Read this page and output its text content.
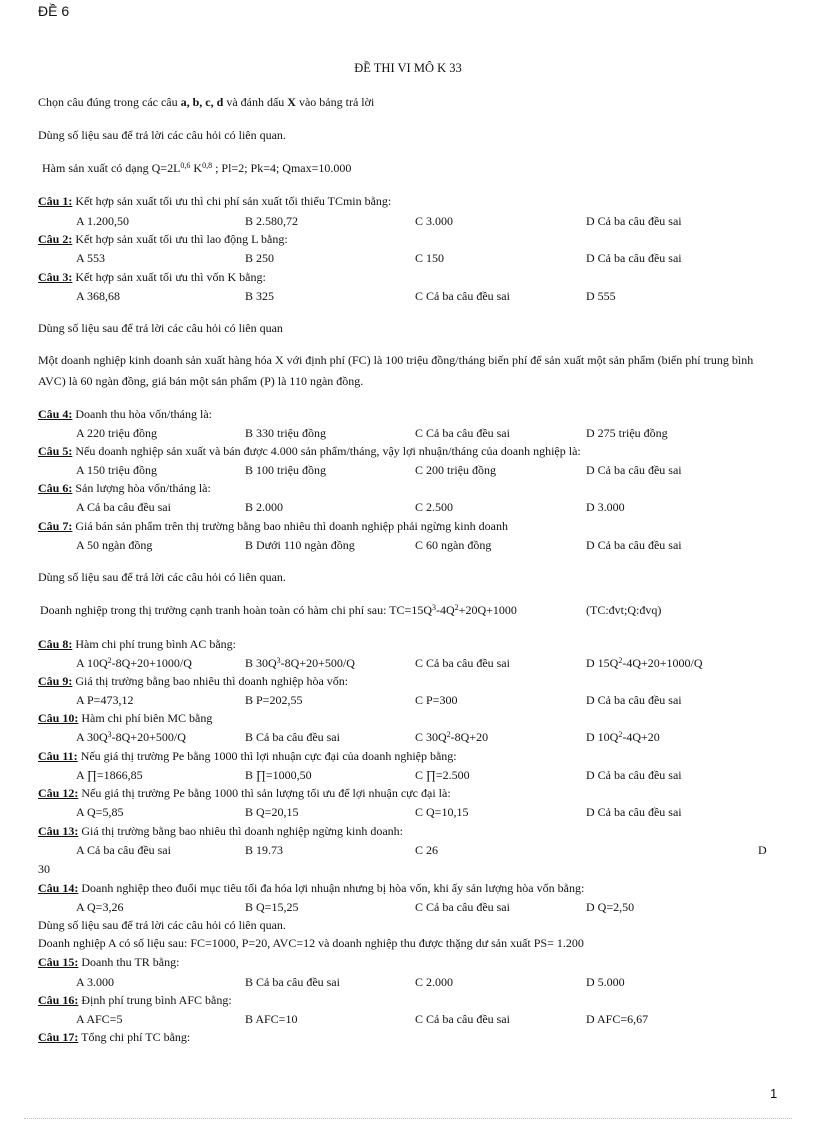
ĐỀ 6
ĐỀ THI VI MÔ K 33
Chọn câu đúng trong các câu a, b, c, d và đánh dấu X vào bảng trả lời
Dùng số liệu sau để trả lời các câu hỏi có liên quan.
Hàm sản xuất có dạng $Q=2L^{0,6}$ K$^{0,8}$ ; Pl=2; Pk=4; Qmax=10.000
Câu 1: Kết hợp sản xuất tối ưu thì chi phí sản xuất tối thiểu TCmin bằng:
A 1.200,50	B 2.580,72	C 3.000	D Cả ba câu đều sai
Câu 2: Kết hợp sản xuất tối ưu thì lao động L bằng:
A 553	B 250	C 150	D Cả ba câu đều sai
Câu 3: Kết hợp sản xuất tối ưu thì vốn K bằng:
A 368,68	B 325	C Cả ba câu đều sai	D 555
Dùng số liệu sau để trả lời các câu hỏi có liên quan
Một doanh nghiệp kinh doanh sản xuất hàng hóa X với định phí (FC) là 100 triệu đồng/tháng biến phí để sản xuất một sản phẩm (biến phí trung bình AVC) là 60 ngàn đồng, giá bán một sản phẩm (P) là 110 ngàn đồng.
Câu 4: Doanh thu hòa vốn/tháng là:
A 220 triệu đồng	B 330 triệu đồng	C Cả ba câu đều sai	D 275 triệu đồng
Câu 5: Nếu doanh nghiệp sản xuất và bán được 4.000 sản phẩm/tháng, vậy lợi nhuận/tháng của doanh nghiệp là:
A 150 triệu đồng	B 100 triệu đồng	C 200 triệu đồng	D Cả ba câu đều sai
Câu 6: Sản lượng hòa vốn/tháng là:
A Cả ba câu đều sai	B 2.000	C 2.500	D 3.000
Câu 7: Giá bán sản phẩm trên thị trường bằng bao nhiêu thì doanh nghiệp phải ngừng kinh doanh
A 50 ngàn đồng	B Dưới 110 ngàn đồng	C 60 ngàn đồng	D Cả ba câu đều sai
Dùng số liệu sau để trả lời các câu hỏi có liên quan.
Doanh nghiệp trong thị trường cạnh tranh hoàn toàn có hàm chi phí sau: $TC=15Q^3-4Q^2+20Q+1000$	(TC:đvt;Q:đvq)
Câu 8: Hàm chi phí trung bình AC bằng:
A $10Q^2-8Q+20+1000/Q$	B $30Q^3-8Q+20+500/Q$	C Cả ba câu đều sai	D $15Q^2-4Q+20+1000/Q$
Câu 9: Giá thị trường bằng bao nhiêu thì doanh nghiệp hòa vốn:
A P=473,12	B P=202,55	C P=300	D Cả ba câu đều sai
Câu 10: Hàm chi phí biên MC bằng
A $30Q^3-8Q+20+500/Q$	B Cả ba câu đều sai	C $30Q^2-8Q+20$	D $10Q^2-4Q+20$
Câu 11: Nếu giá thị trường Pe bằng 1000 thì lợi nhuận cực đại của doanh nghiệp bằng:
A ∏=1866,85	B ∏=1000,50	C ∏=2.500	D Cả ba câu đều sai
Câu 12: Nếu giá thị trường Pe bằng 1000 thì sản lượng tối ưu để lợi nhuận cực đại là:
A Q=5,85	B Q=20,15	C Q=10,15	D Cả ba câu đều sai
Câu 13: Giá thị trường bằng bao nhiêu thì doanh nghiệp ngừng kinh doanh:
A Cả ba câu đều sai	B 19.73	C 26	D
30
Câu 14: Doanh nghiệp theo đuổi mục tiêu tối đa hóa lợi nhuận nhưng bị hòa vốn, khi ấy sản lượng hòa vốn bằng:
A Q=3,26	B Q=15,25	C Cả ba câu đều sai	D Q=2,50
Dùng số liệu sau để trả lời các câu hỏi có liên quan.
Doanh nghiệp A có số liệu sau: FC=1000, P=20, AVC=12 và doanh nghiệp thu được thặng dư sản xuất PS= 1.200
Câu 15: Doanh thu TR bằng:
A 3.000	B Cả ba câu đều sai	C 2.000	D 5.000
Câu 16: Định phí trung bình AFC bằng:
A AFC=5	B AFC=10	C Cả ba câu đều sai	D AFC=6,67
Câu 17: Tổng chi phí TC bằng:
1
